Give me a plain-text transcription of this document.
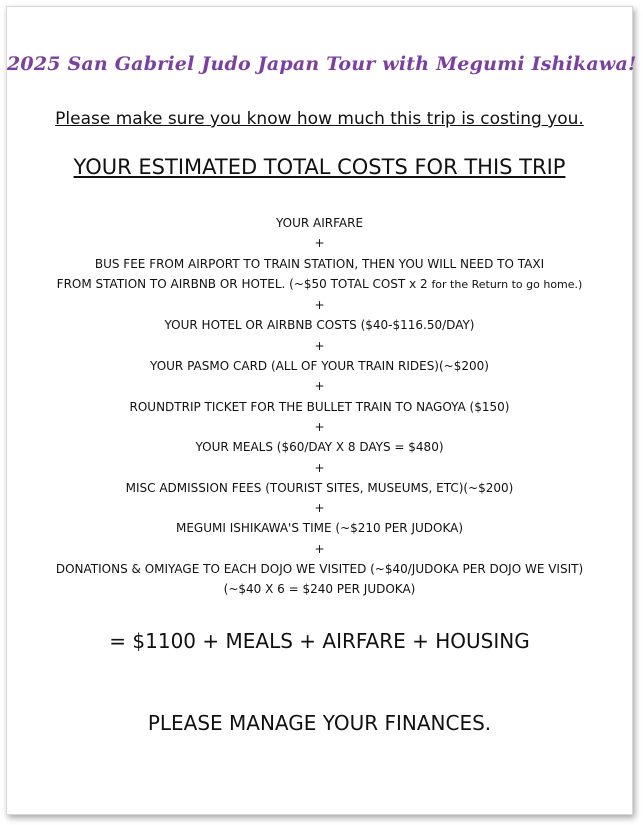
2025 San Gabriel Judo Japan Tour with Megumi Ishikawa!
Please make sure you know how much this trip is costing you.
YOUR ESTIMATED TOTAL COSTS FOR THIS TRIP
YOUR AIRFARE
+
BUS FEE FROM AIRPORT TO TRAIN STATION, THEN YOU WILL NEED TO TAXI
FROM STATION TO AIRBNB OR HOTEL. (~$50 TOTAL COST x 2 for the Return to go home.)
+
YOUR HOTEL OR AIRBNB COSTS ($40-$116.50/DAY)
+
YOUR PASMO CARD (ALL OF YOUR TRAIN RIDES)(~$200)
+
ROUNDTRIP TICKET FOR THE BULLET TRAIN TO NAGOYA ($150)
+
YOUR MEALS ($60/DAY X 8 DAYS = $480)
+
MISC ADMISSION FEES (TOURIST SITES, MUSEUMS, ETC)(~$200)
+
MEGUMI ISHIKAWA'S TIME (~$210 PER JUDOKA)
+
DONATIONS & OMIYAGE TO EACH DOJO WE VISITED (~$40/JUDOKA PER DOJO WE VISIT)
(~$40 X 6 = $240 PER JUDOKA)
= $1100 + MEALS + AIRFARE + HOUSING
PLEASE MANAGE YOUR FINANCES.
